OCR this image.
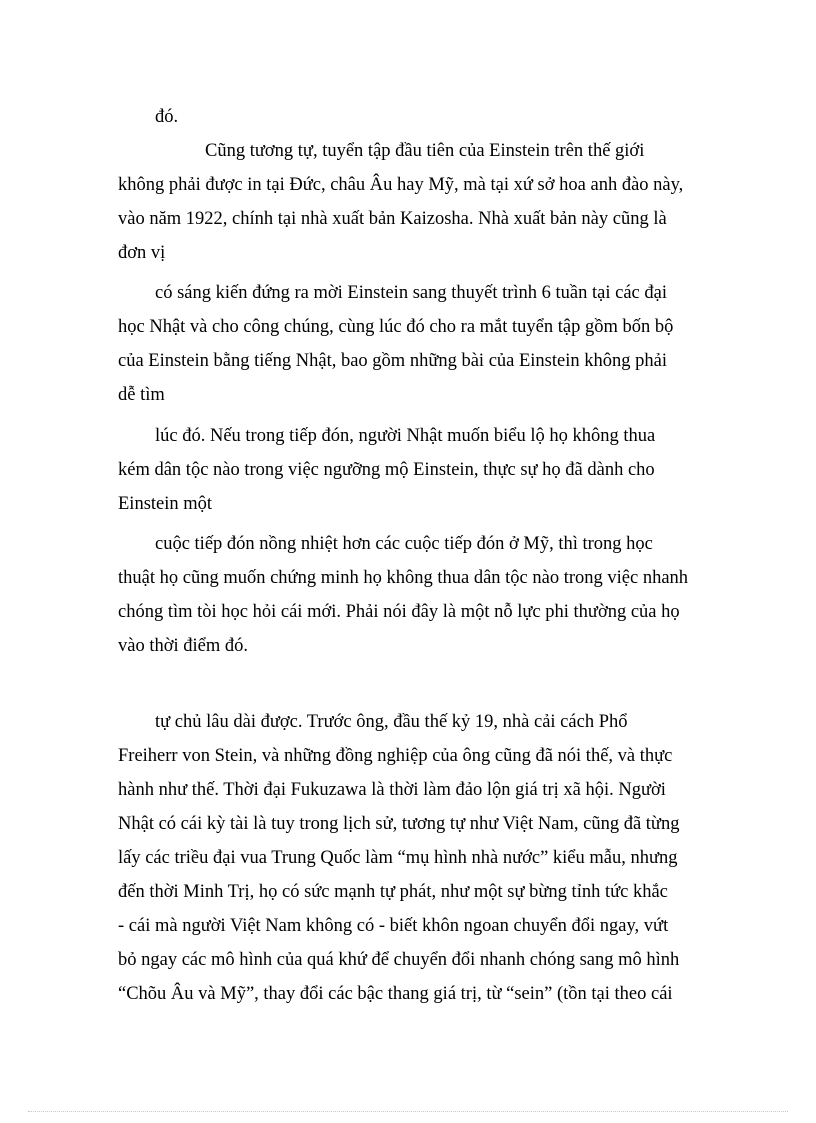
đó.
Cũng tương tự, tuyển tập đầu tiên của Einstein trên thế giới
không phải được in tại Đức, châu Âu hay Mỹ, mà tại xứ sở hoa anh đào này,
vào năm 1922, chính tại nhà xuất bản Kaizosha. Nhà xuất bản này cũng là
đơn vị
có sáng kiến đứng ra mời Einstein sang thuyết trình 6 tuần tại các đại
học Nhật và cho công chúng, cùng lúc đó cho ra mắt tuyển tập gồm bốn bộ
của Einstein bằng tiếng Nhật, bao gồm những bài của Einstein không phải
dễ tìm
lúc đó. Nếu trong tiếp đón, người Nhật muốn biểu lộ họ không thua
kém dân tộc nào trong việc ngưỡng mộ Einstein, thực sự họ đã dành cho
Einstein một
cuộc tiếp đón nồng nhiệt hơn các cuộc tiếp đón ở Mỹ, thì trong học
thuật họ cũng muốn chứng minh họ không thua dân tộc nào trong việc nhanh
chóng tìm tòi học hỏi cái mới. Phải nói đây là một nỗ lực phi thường của họ
vào thời điểm đó.
tự chủ lâu dài được. Trước ông, đầu thế kỷ 19, nhà cải cách Phổ
Freiherr von Stein, và những đồng nghiệp của ông cũng đã nói thế, và thực
hành như thế. Thời đại Fukuzawa là thời làm đảo lộn giá trị xã hội. Người
Nhật có cái kỳ tài là tuy trong lịch sử, tương tự như Việt Nam, cũng đã từng
lấy các triều đại vua Trung Quốc làm “mụ hình nhà nước” kiểu mẫu, nhưng
đến thời Minh Trị, họ có sức mạnh tự phát, như một sự bừng tỉnh tức khắc
- cái mà người Việt Nam không có - biết khôn ngoan chuyển đổi ngay, vứt
bỏ ngay các mô hình của quá khứ để chuyển đổi nhanh chóng sang mô hình
“Chõu Âu và Mỹ”, thay đổi các bậc thang giá trị, từ “sein” (tồn tại theo cái
